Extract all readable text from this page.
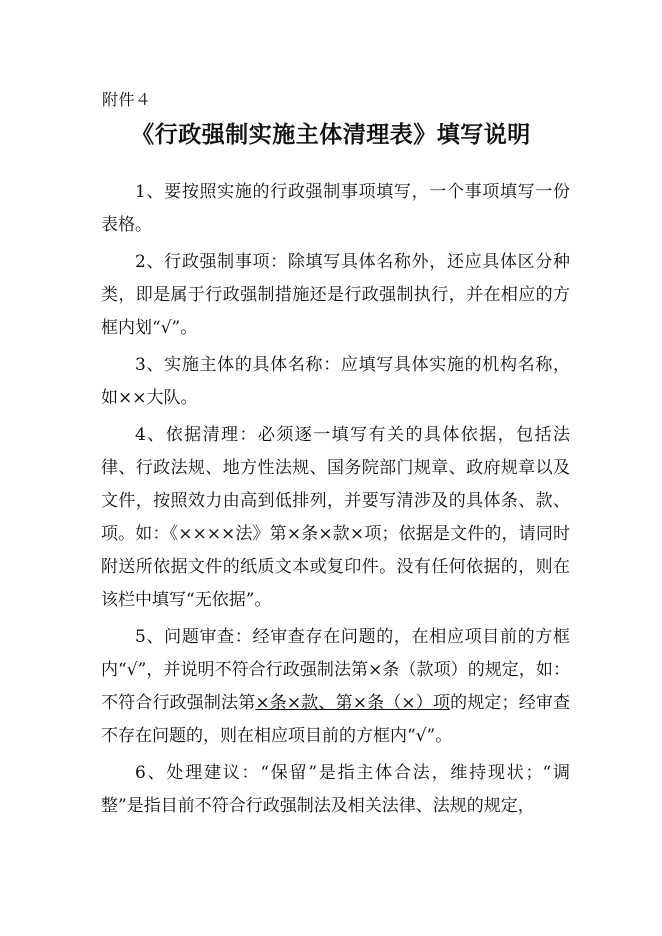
附件４
《行政强制实施主体清理表》填写说明

1、要按照实施的行政强制事项填写，一个事项填写一份表格。

2、行政强制事项：除填写具体名称外，还应具体区分种类，即是属于行政强制措施还是行政强制执行，并在相应的方框内划“√”。

3、实施主体的具体名称：应填写具体实施的机构名称，如××大队。

4、依据清理：必须逐一填写有关的具体依据，包括法律、行政法规、地方性法规、国务院部门规章、政府规章以及文件，按照效力由高到低排列，并要写清涉及的具体条、款、项。如：《××××法》第×条×款×项；依据是文件的，请同时附送所依据文件的纸质文本或复印件。没有任何依据的，则在该栏中填写“无依据”。

5、问题审查：经审查存在问题的，在相应项目前的方框内“√”，并说明不符合行政强制法第×条（款项）的规定，如：不符合行政强制法第×条×款、第×条（×）项的规定；经审查不存在问题的，则在相应项目前的方框内“√”。

6、处理建议：“保留”是指主体合法，维持现状；“调整”是指目前不符合行政强制法及相关法律、法规的规定，
